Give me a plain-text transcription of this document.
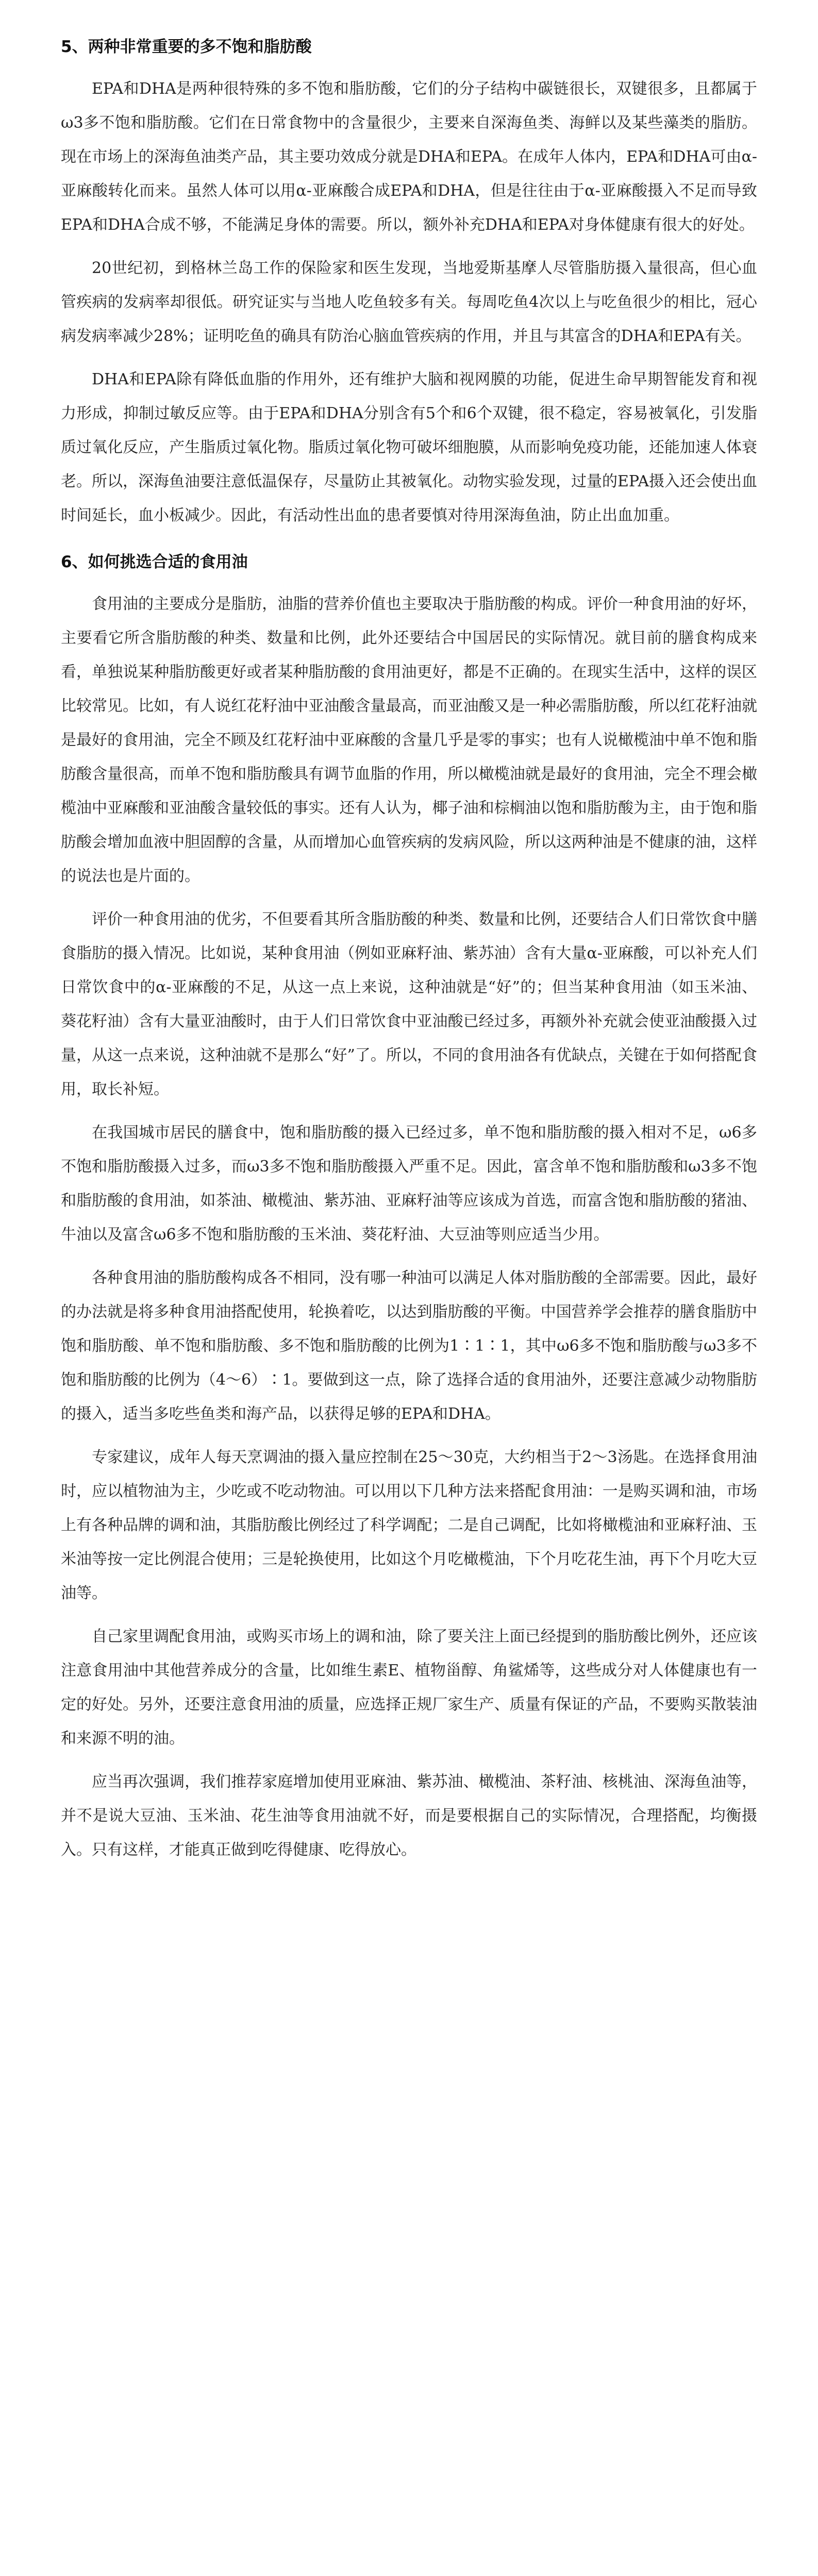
5、两种非常重要的多不饱和脂肪酸

EPA和DHA是两种很特殊的多不饱和脂肪酸，它们的分子结构中碳链很长，双键很多，且都属于ω3多不饱和脂肪酸。它们在日常食物中的含量很少，主要来自深海鱼类、海鲜以及某些藻类的脂肪。现在市场上的深海鱼油类产品，其主要功效成分就是DHA和EPA。在成年人体内，EPA和DHA可由α-亚麻酸转化而来。虽然人体可以用α-亚麻酸合成EPA和DHA，但是往往由于α-亚麻酸摄入不足而导致EPA和DHA合成不够，不能满足身体的需要。所以，额外补充DHA和EPA对身体健康有很大的好处。

20世纪初，到格林兰岛工作的保险家和医生发现，当地爱斯基摩人尽管脂肪摄入量很高，但心血管疾病的发病率却很低。研究证实与当地人吃鱼较多有关。每周吃鱼4次以上与吃鱼很少的相比，冠心病发病率减少28%；证明吃鱼的确具有防治心脑血管疾病的作用，并且与其富含的DHA和EPA有关。

DHA和EPA除有降低血脂的作用外，还有维护大脑和视网膜的功能，促进生命早期智能发育和视力形成，抑制过敏反应等。由于EPA和DHA分别含有5个和6个双键，很不稳定，容易被氧化，引发脂质过氧化反应，产生脂质过氧化物。脂质过氧化物可破坏细胞膜，从而影响免疫功能，还能加速人体衰老。所以，深海鱼油要注意低温保存，尽量防止其被氧化。动物实验发现，过量的EPA摄入还会使出血时间延长，血小板减少。因此，有活动性出血的患者要慎对待用深海鱼油，防止出血加重。

6、如何挑选合适的食用油

食用油的主要成分是脂肪，油脂的营养价值也主要取决于脂肪酸的构成。评价一种食用油的好坏，主要看它所含脂肪酸的种类、数量和比例，此外还要结合中国居民的实际情况。就目前的膳食构成来看，单独说某种脂肪酸更好或者某种脂肪酸的食用油更好，都是不正确的。在现实生活中，这样的误区比较常见。比如，有人说红花籽油中亚油酸含量最高，而亚油酸又是一种必需脂肪酸，所以红花籽油就是最好的食用油，完全不顾及红花籽油中亚麻酸的含量几乎是零的事实；也有人说橄榄油中单不饱和脂肪酸含量很高，而单不饱和脂肪酸具有调节血脂的作用，所以橄榄油就是最好的食用油，完全不理会橄榄油中亚麻酸和亚油酸含量较低的事实。还有人认为，椰子油和棕榈油以饱和脂肪酸为主，由于饱和脂肪酸会增加血液中胆固醇的含量，从而增加心血管疾病的发病风险，所以这两种油是不健康的油，这样的说法也是片面的。

评价一种食用油的优劣，不但要看其所含脂肪酸的种类、数量和比例，还要结合人们日常饮食中膳食脂肪的摄入情况。比如说，某种食用油（例如亚麻籽油、紫苏油）含有大量α-亚麻酸，可以补充人们日常饮食中的α-亚麻酸的不足，从这一点上来说，这种油就是“好”的；但当某种食用油（如玉米油、葵花籽油）含有大量亚油酸时，由于人们日常饮食中亚油酸已经过多，再额外补充就会使亚油酸摄入过量，从这一点来说，这种油就不是那么“好”了。所以，不同的食用油各有优缺点，关键在于如何搭配食用，取长补短。

在我国城市居民的膳食中，饱和脂肪酸的摄入已经过多，单不饱和脂肪酸的摄入相对不足，ω6多不饱和脂肪酸摄入过多，而ω3多不饱和脂肪酸摄入严重不足。因此，富含单不饱和脂肪酸和ω3多不饱和脂肪酸的食用油，如茶油、橄榄油、紫苏油、亚麻籽油等应该成为首选，而富含饱和脂肪酸的猪油、牛油以及富含ω6多不饱和脂肪酸的玉米油、葵花籽油、大豆油等则应适当少用。

各种食用油的脂肪酸构成各不相同，没有哪一种油可以满足人体对脂肪酸的全部需要。因此，最好的办法就是将多种食用油搭配使用，轮换着吃，以达到脂肪酸的平衡。中国营养学会推荐的膳食脂肪中饱和脂肪酸、单不饱和脂肪酸、多不饱和脂肪酸的比例为1∶1∶1，其中ω6多不饱和脂肪酸与ω3多不饱和脂肪酸的比例为（4～6）∶1。要做到这一点，除了选择合适的食用油外，还要注意减少动物脂肪的摄入，适当多吃些鱼类和海产品，以获得足够的EPA和DHA。

专家建议，成年人每天烹调油的摄入量应控制在25～30克，大约相当于2～3汤匙。在选择食用油时，应以植物油为主，少吃或不吃动物油。可以用以下几种方法来搭配食用油：一是购买调和油，市场上有各种品牌的调和油，其脂肪酸比例经过了科学调配；二是自己调配，比如将橄榄油和亚麻籽油、玉米油等按一定比例混合使用；三是轮换使用，比如这个月吃橄榄油，下个月吃花生油，再下个月吃大豆油等。

自己家里调配食用油，或购买市场上的调和油，除了要关注上面已经提到的脂肪酸比例外，还应该注意食用油中其他营养成分的含量，比如维生素E、植物甾醇、角鲨烯等，这些成分对人体健康也有一定的好处。另外，还要注意食用油的质量，应选择正规厂家生产、质量有保证的产品，不要购买散装油和来源不明的油。

应当再次强调，我们推荐家庭增加使用亚麻油、紫苏油、橄榄油、茶籽油、核桃油、深海鱼油等，并不是说大豆油、玉米油、花生油等食用油就不好，而是要根据自己的实际情况，合理搭配，均衡摄入。只有这样，才能真正做到吃得健康、吃得放心。
